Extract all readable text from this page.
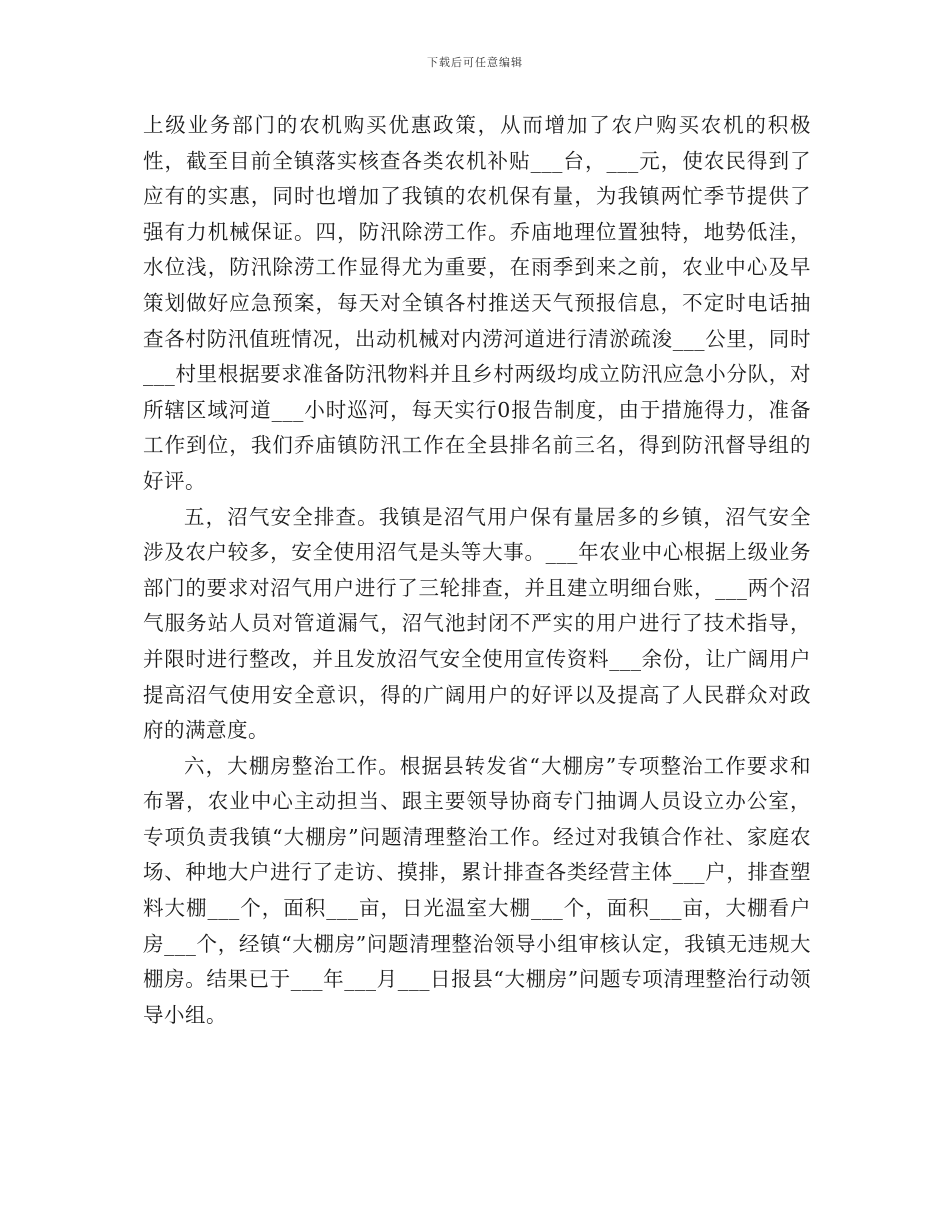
下载后可任意编辑

上级业务部门的农机购买优惠政策，从而增加了农户购买农机的积极性，截至目前全镇落实核查各类农机补贴___台，___元，使农民得到了应有的实惠，同时也增加了我镇的农机保有量，为我镇两忙季节提供了强有力机械保证。四，防汛除涝工作。乔庙地理位置独特，地势低洼，水位浅，防汛除涝工作显得尤为重要，在雨季到来之前，农业中心及早策划做好应急预案，每天对全镇各村推送天气预报信息，不定时电话抽查各村防汛值班情况，出动机械对内涝河道进行清淤疏浚___公里，同时___村里根据要求准备防汛物料并且乡村两级均成立防汛应急小分队，对所辖区域河道___小时巡河，每天实行0报告制度，由于措施得力，准备工作到位，我们乔庙镇防汛工作在全县排名前三名，得到防汛督导组的好评。

五，沼气安全排查。我镇是沼气用户保有量居多的乡镇，沼气安全涉及农户较多，安全使用沼气是头等大事。___年农业中心根据上级业务部门的要求对沼气用户进行了三轮排查，并且建立明细台账，___两个沼气服务站人员对管道漏气，沼气池封闭不严实的用户进行了技术指导，并限时进行整改，并且发放沼气安全使用宣传资料___余份，让广阔用户提高沼气使用安全意识，得的广阔用户的好评以及提高了人民群众对政府的满意度。

六，大棚房整治工作。根据县转发省“大棚房”专项整治工作要求和布署，农业中心主动担当、跟主要领导协商专门抽调人员设立办公室，专项负责我镇“大棚房”问题清理整治工作。经过对我镇合作社、家庭农场、种地大户进行了走访、摸排，累计排查各类经营主体___户，排查塑料大棚___个，面积___亩，日光温室大棚___个，面积___亩，大棚看户房___个，经镇“大棚房”问题清理整治领导小组审核认定，我镇无违规大棚房。结果已于___年___月___日报县“大棚房”问题专项清理整治行动领导小组。
